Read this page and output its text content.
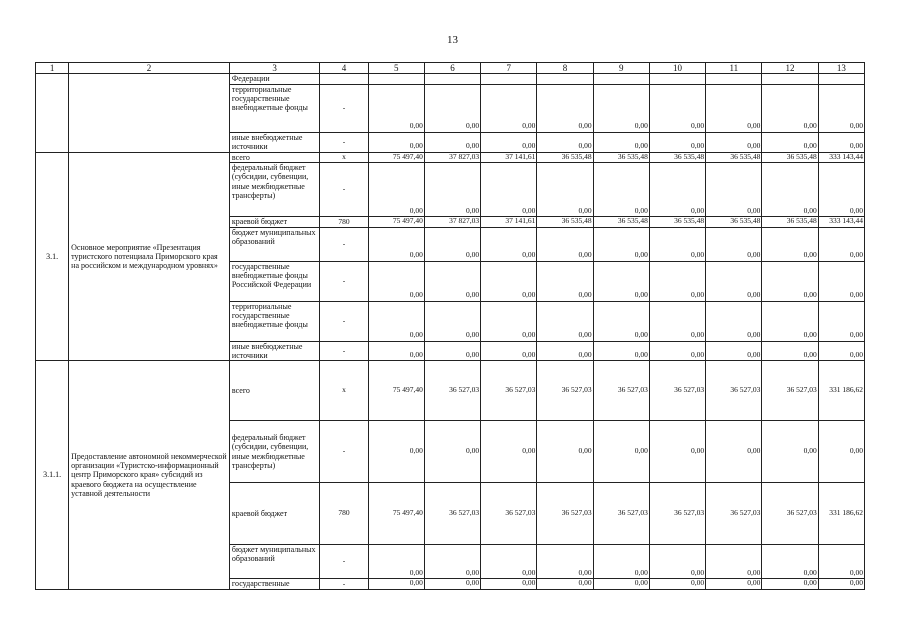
13
1	2	3	4	5	6	7	8	9	10	11	12	13
		Федерации										
		территориальные государственные внебюджетные фонды	-	0,00	0,00	0,00	0,00	0,00	0,00	0,00	0,00	0,00
		иные внебюджетные источники	-	0,00	0,00	0,00	0,00	0,00	0,00	0,00	0,00	0,00
3.1.	Основное мероприятие «Презентация туристского потенциала Приморского края на российском и международном уровнях»	всего	х	75 497,40	37 827,03	37 141,61	36 535,48	36 535,48	36 535,48	36 535,48	36 535,48	333 143,44
		федеральный бюджет (субсидии, субвенции, иные межбюджетные трансферты)	-	0,00	0,00	0,00	0,00	0,00	0,00	0,00	0,00	0,00
		краевой бюджет	780	75 497,40	37 827,03	37 141,61	36 535,48	36 535,48	36 535,48	36 535,48	36 535,48	333 143,44
		бюджет муниципальных образований	-	0,00	0,00	0,00	0,00	0,00	0,00	0,00	0,00	0,00
		государственные внебюджетные фонды Российской Федерации	-	0,00	0,00	0,00	0,00	0,00	0,00	0,00	0,00	0,00
		территориальные государственные внебюджетные фонды	-	0,00	0,00	0,00	0,00	0,00	0,00	0,00	0,00	0,00
		иные внебюджетные источники	-	0,00	0,00	0,00	0,00	0,00	0,00	0,00	0,00	0,00
3.1.1.	Предоставление автономной некоммерческой организации «Туристско-информационный центр Приморского края» субсидий из краевого бюджета на осуществление уставной деятельности	всего	х	75 497,40	36 527,03	36 527,03	36 527,03	36 527,03	36 527,03	36 527,03	36 527,03	331 186,62
		федеральный бюджет (субсидии, субвенции, иные межбюджетные трансферты)	-	0,00	0,00	0,00	0,00	0,00	0,00	0,00	0,00	0,00
		краевой бюджет	780	75 497,40	36 527,03	36 527,03	36 527,03	36 527,03	36 527,03	36 527,03	36 527,03	331 186,62
		бюджет муниципальных образований	-	0,00	0,00	0,00	0,00	0,00	0,00	0,00	0,00	0,00
		государственные	-	0,00	0,00	0,00	0,00	0,00	0,00	0,00	0,00	0,00
